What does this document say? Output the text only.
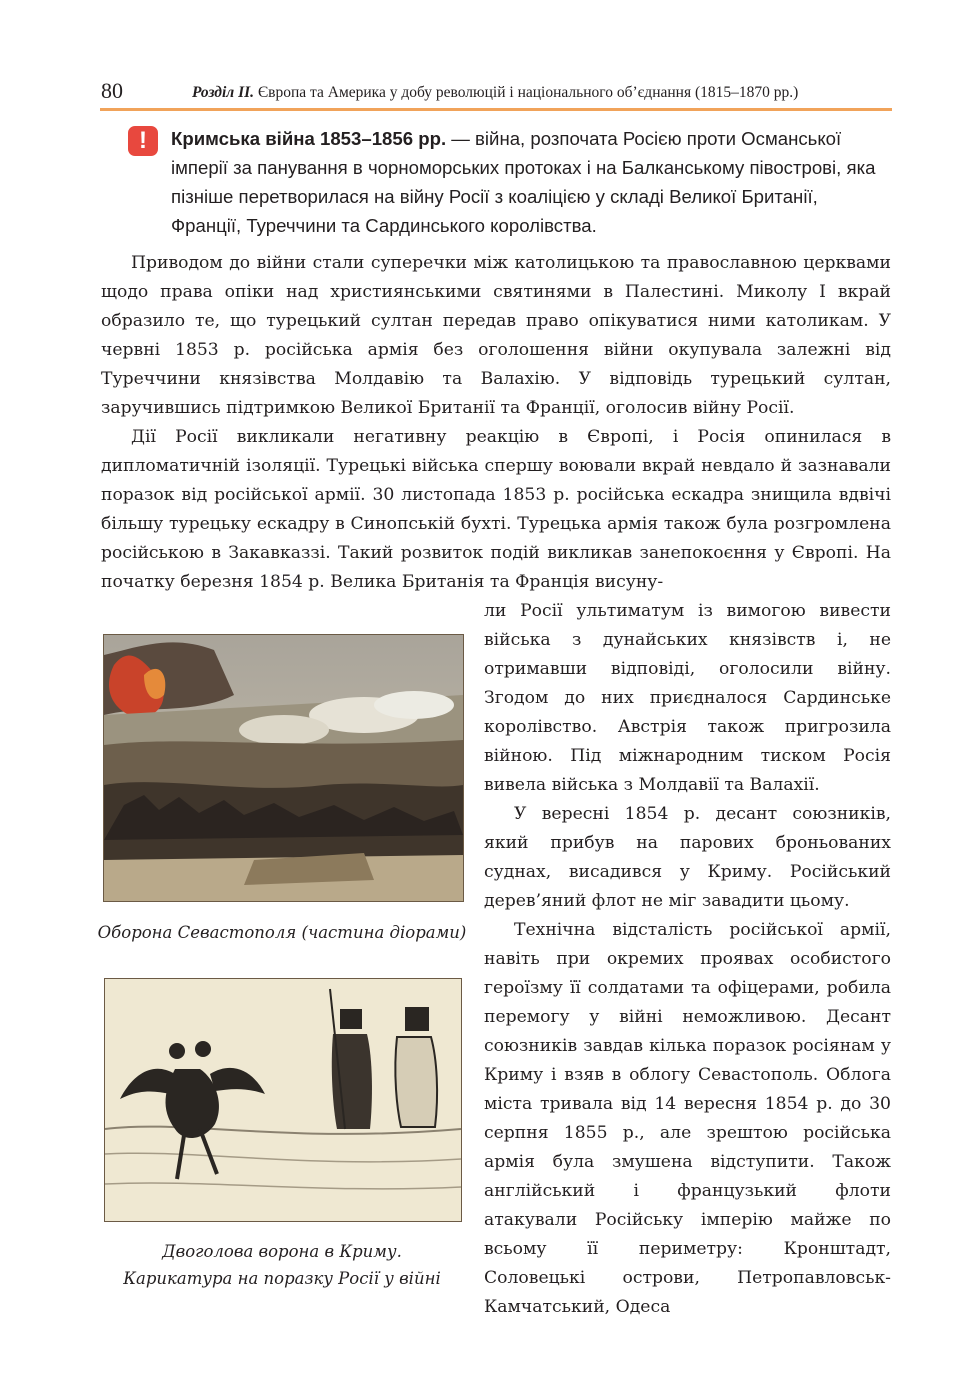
80	Розділ ІІ. Європа та Америка у добу революцій і національного об’єднання (1815–1870 рр.)
!	Кримська війна 1853–1856 рр. — війна, розпочата Росією проти Османської імперії за панування в чорноморських протоках і на Балканському півострові, яка пізніше перетворилася на війну Росії з коаліцією у складі Великої Британії, Франції, Туреччини та Сардинського королівства.

Приводом до війни стали суперечки між католицькою та православною церквами щодо права опіки над християнськими святинями в Палестині. Миколу І вкрай образило те, що турецький султан передав право опікуватися ними католикам. У червні 1853 р. російська армія без оголошення війни окупувала залежні від Туреччини князівства Молдавію та Валахію. У відповідь турецький султан, заручившись підтримкою Великої Британії та Франції, оголосив війну Росії.

Дії Росії викликали негативну реакцію в Європі, і Росія опинилася в дипломатичній ізоляції. Турецькі війська спершу воювали вкрай невдало й зазнавали поразок від російської армії. 30 листопада 1853 р. російська ескадра знищила вдвічі більшу турецьку ескадру в Синопській бухті. Турецька армія також була розгромлена російською в Закавказзі. Такий розвиток подій викликав занепокоєння у Європі. На початку березня 1854 р. Велика Британія та Франція висуну-

ли Росії ультиматум із вимогою вивести війська з дунайських князівств і, не отримавши відповіді, оголосили війну. Згодом до них приєдналося Сардинське королівство. Австрія також пригрозила війною. Під міжнародним тиском Росія вивела війська з Молдавії та Валахії.

У вересні 1854 р. десант союзників, який прибув на парових броньованих суднах, висадився у Криму. Російський дерев’яний флот не міг завадити цьому.

Технічна відсталість російської армії, навіть при окремих проявах особистого героїзму її солдатами та офіцерами, робила перемогу у війні неможливою. Десант союзників завдав кілька поразок росіянам у Криму і взяв в облогу Севастополь. Облога міста тривала від 14 вересня 1854 р. до 30 серпня 1855 р., але зрештою російська армія була змушена відступити. Також англійський і французький флоти атакували Російську імперію майже по всьому її периметру: Кронштадт, Соловецькі острови, Петропавловськ-Камчатський, Одеса

Оборона Севастополя (частина діорами)
Двоголова ворона в Криму.
Карикатура на поразку Росії у війні
